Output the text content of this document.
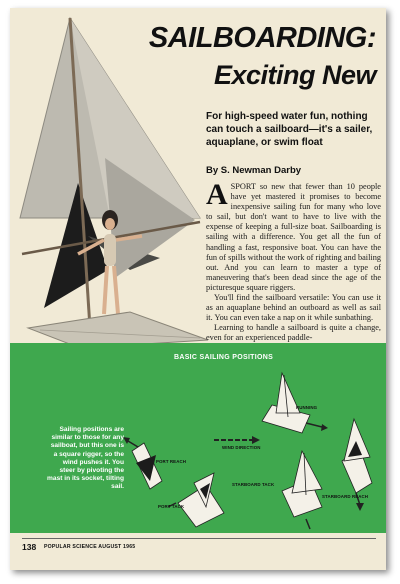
SAILBOARDING:
Exciting New
For high-speed water fun, nothing can touch a sailboard—it's a sailer, aquaplane, or swim float
By S. Newman Darby

ASPORT so new that fewer than 10 people have yet mastered it promises to become inexpensive sailing fun for many who love to sail, but don't want to have to live with the expense of keeping a full-size boat. Sailboarding is sailing with a difference. You get all the fun of handling a fast, responsive boat. You can have the fun of spills without the work of righting and bailing out. And you can learn to master a type of maneuvering that's been dead since the age of the picturesque square riggers.

You'll find the sailboard versatile: You can use it as an aquaplane behind an outboard as well as sail it. You can even take a nap on it while sunbathing.

Learning to handle a sailboard is quite a change, even for an experienced paddle-

BASIC SAILING POSITIONS
Sailing positions are similar to those for any sailboat, but this one is a square rigger, so the wind pushes it. You steer by pivoting the mast in its socket, tilting sail.
RUNNING
WIND DIRECTION
PORT REACH
PORT TACK
STARBOARD TACK
STARBOARD REACH
138 POPULAR SCIENCE AUGUST 1965
